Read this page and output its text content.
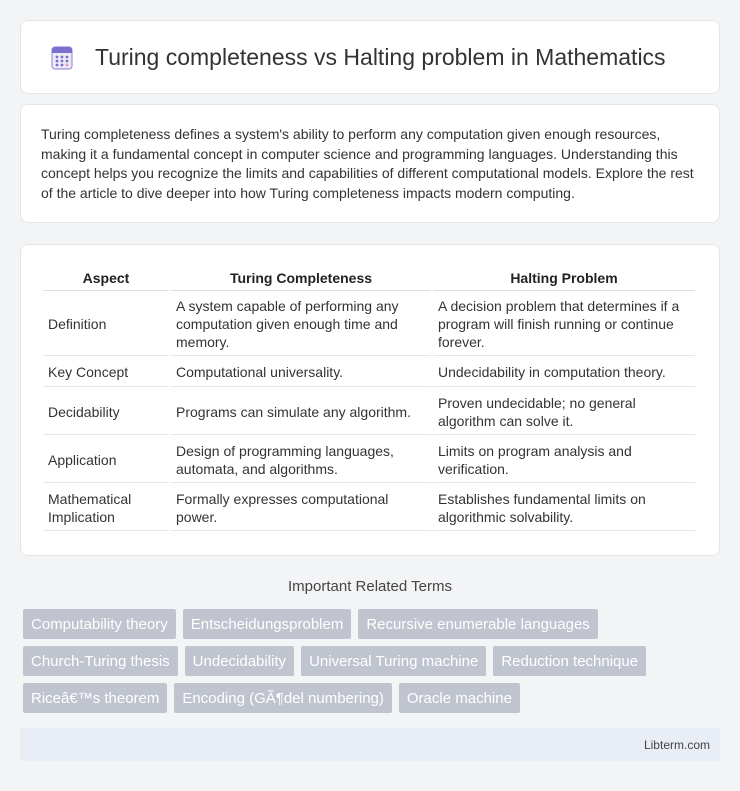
Turing completeness vs Halting problem in Mathematics

Turing completeness defines a system's ability to perform any computation given enough resources, making it a fundamental concept in computer science and programming languages. Understanding this concept helps you recognize the limits and capabilities of different computational models. Explore the rest of the article to dive deeper into how Turing completeness impacts modern computing.

Aspect	Turing Completeness	Halting Problem
Definition	A system capable of performing any computation given enough time and memory.	A decision problem that determines if a program will finish running or continue forever.
Key Concept	Computational universality.	Undecidability in computation theory.
Decidability	Programs can simulate any algorithm.	Proven undecidable; no general algorithm can solve it.
Application	Design of programming languages, automata, and algorithms.	Limits on program analysis and verification.
Mathematical Implication	Formally expresses computational power.	Establishes fundamental limits on algorithmic solvability.
Important Related Terms
Computability theory	Entscheidungsproblem	Recursive enumerable languages
Church-Turing thesis	Undecidability	Universal Turing machine	Reduction technique
Riceâ€™s theorem	Encoding (GÃ¶del numbering)	Oracle machine
Libterm.com
